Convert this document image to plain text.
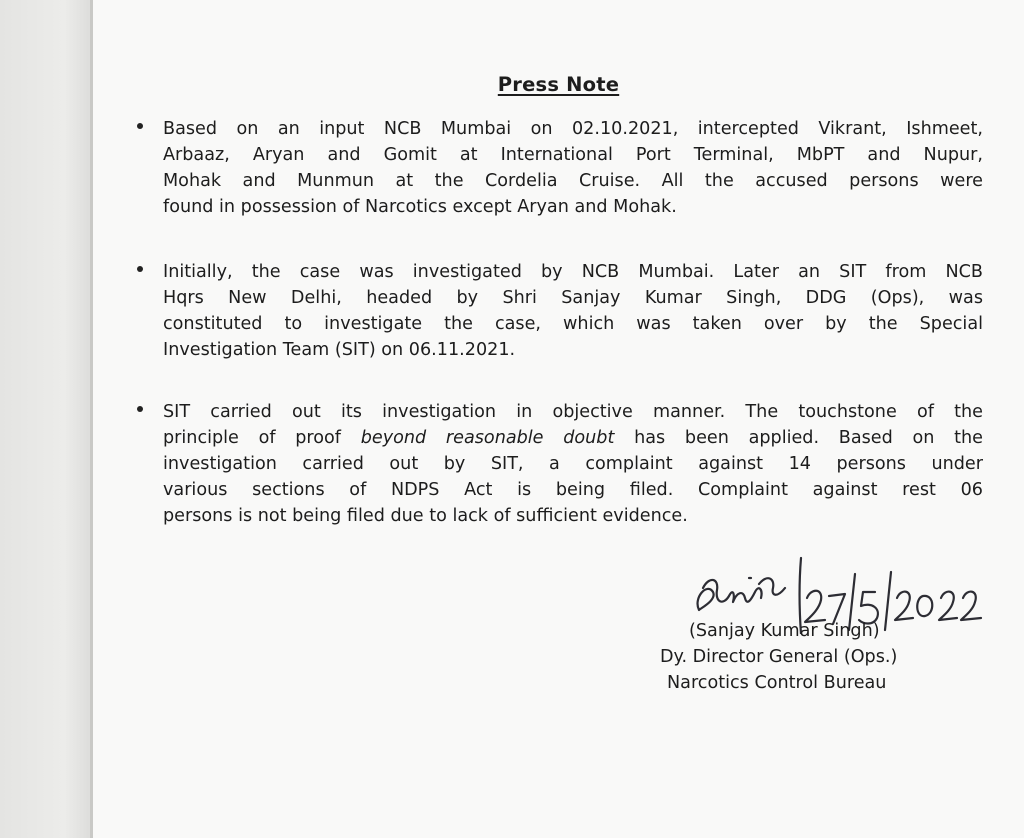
Press Note
Based on an input NCB Mumbai on 02.10.2021, intercepted Vikrant, Ishmeet,
Arbaaz, Aryan and Gomit at International Port Terminal, MbPT and Nupur,
Mohak and Munmun at the Cordelia Cruise. All the accused persons were
found in possession of Narcotics except Aryan and Mohak.
Initially, the case was investigated by NCB Mumbai. Later an SIT from NCB
Hqrs New Delhi, headed by Shri Sanjay Kumar Singh, DDG (Ops), was
constituted to investigate the case, which was taken over by the Special
Investigation Team (SIT) on 06.11.2021.
SIT carried out its investigation in objective manner. The touchstone of the
principle of proof beyond reasonable doubt has been applied. Based on the
investigation carried out by SIT, a complaint against 14 persons under
various sections of NDPS Act is being filed. Complaint against rest 06
persons is not being filed due to lack of sufficient evidence.
(Sanjay Kumar Singh)
Dy. Director General (Ops.)
Narcotics Control Bureau
